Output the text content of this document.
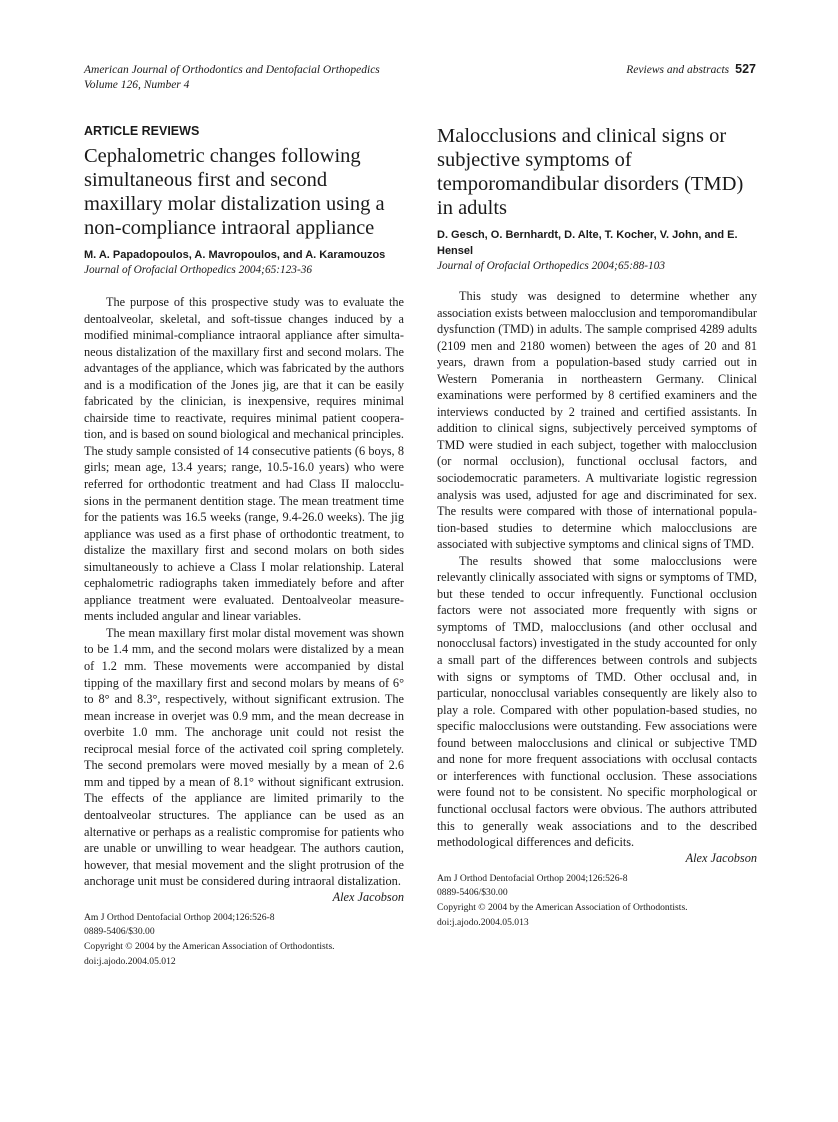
American Journal of Orthodontics and Dentofacial Orthopedics
Volume 126, Number 4
Reviews and abstracts 527
ARTICLE REVIEWS
Cephalometric changes following simultaneous first and second maxillary molar distalization using a non-compliance intraoral appliance
M. A. Papadopoulos, A. Mavropoulos, and A. Karamouzos
Journal of Orofacial Orthopedics 2004;65:123-36

The purpose of this prospective study was to evaluate the dentoalveolar, skeletal, and soft-tissue changes induced by a modified minimal-compliance intraoral appliance after simultaneous distalization of the maxillary first and second molars. The advantages of the appliance, which was fabricated by the authors and is a modification of the Jones jig, are that it can be easily fabricated by the clinician, is inexpensive, requires minimal chairside time to reactivate, requires minimal patient cooperation, and is based on sound biological and mechanical principles. The study sample consisted of 14 consecutive patients (6 boys, 8 girls; mean age, 13.4 years; range, 10.5-16.0 years) who were referred for orthodontic treatment and had Class II malocclusions in the permanent dentition stage. The mean treatment time for the patients was 16.5 weeks (range, 9.4-26.0 weeks). The jig appliance was used as a first phase of orthodontic treatment, to distalize the maxillary first and second molars on both sides simultaneously to achieve a Class I molar relationship. Lateral cephalometric radiographs taken immediately before and after appliance treatment were evaluated. Dentoalveolar measurements included angular and linear variables.

The mean maxillary first molar distal movement was shown to be 1.4 mm, and the second molars were distalized by a mean of 1.2 mm. These movements were accompanied by distal tipping of the maxillary first and second molars by means of 6° to 8° and 8.3°, respectively, without significant extrusion. The mean increase in overjet was 0.9 mm, and the mean decrease in overbite 1.0 mm. The anchorage unit could not resist the reciprocal mesial force of the activated coil spring completely. The second premolars were moved mesially by a mean of 2.6 mm and tipped by a mean of 8.1° without significant extrusion. The effects of the appliance are limited primarily to the dentoalveolar structures. The appliance can be used as an alternative or perhaps as a realistic compromise for patients who are unable or unwilling to wear headgear. The authors caution, however, that mesial movement and the slight protrusion of the anchorage unit must be considered during intraoral distalization.

Alex Jacobson
Am J Orthod Dentofacial Orthop 2004;126:526-8
0889-5406/$30.00
Copyright © 2004 by the American Association of Orthodontists.
doi:j.ajodo.2004.05.012
Malocclusions and clinical signs or subjective symptoms of temporomandibular disorders (TMD) in adults
D. Gesch, O. Bernhardt, D. Alte, T. Kocher, V. John, and E. Hensel
Journal of Orofacial Orthopedics 2004;65:88-103

This study was designed to determine whether any association exists between malocclusion and temporomandibular dysfunction (TMD) in adults. The sample comprised 4289 adults (2109 men and 2180 women) between the ages of 20 and 81 years, drawn from a population-based study carried out in Western Pomerania in northeastern Germany. Clinical examinations were performed by 8 certified examiners and the interviews conducted by 2 trained and certified assistants. In addition to clinical signs, subjectively perceived symptoms of TMD were studied in each subject, together with malocclusion (or normal occlusion), functional occlusal factors, and sociodemocratic parameters. A multivariate logistic regression analysis was used, adjusted for age and discriminated for sex. The results were compared with those of international population-based studies to determine which malocclusions are associated with subjective symptoms and clinical signs of TMD.

The results showed that some malocclusions were relevantly clinically associated with signs or symptoms of TMD, but these tended to occur infrequently. Functional occlusion factors were not associated more frequently with signs or symptoms of TMD, malocclusions (and other occlusal and nonocclusal factors) investigated in the study accounted for only a small part of the differences between controls and subjects with signs or symptoms of TMD. Other occlusal and, in particular, nonocclusal variables consequently are likely also to play a role. Compared with other population-based studies, no specific malocclusions were outstanding. Few associations were found between malocclusions and clinical or subjective TMD and none for more frequent associations with occlusal contacts or interferences with functional occlusion. These associations were found not to be consistent. No specific morphological or functional occlusal factors were obvious. The authors attributed this to generally weak associations and to the described methodological differences and deficits.

Alex Jacobson
Am J Orthod Dentofacial Orthop 2004;126:526-8
0889-5406/$30.00
Copyright © 2004 by the American Association of Orthodontists.
doi:j.ajodo.2004.05.013
